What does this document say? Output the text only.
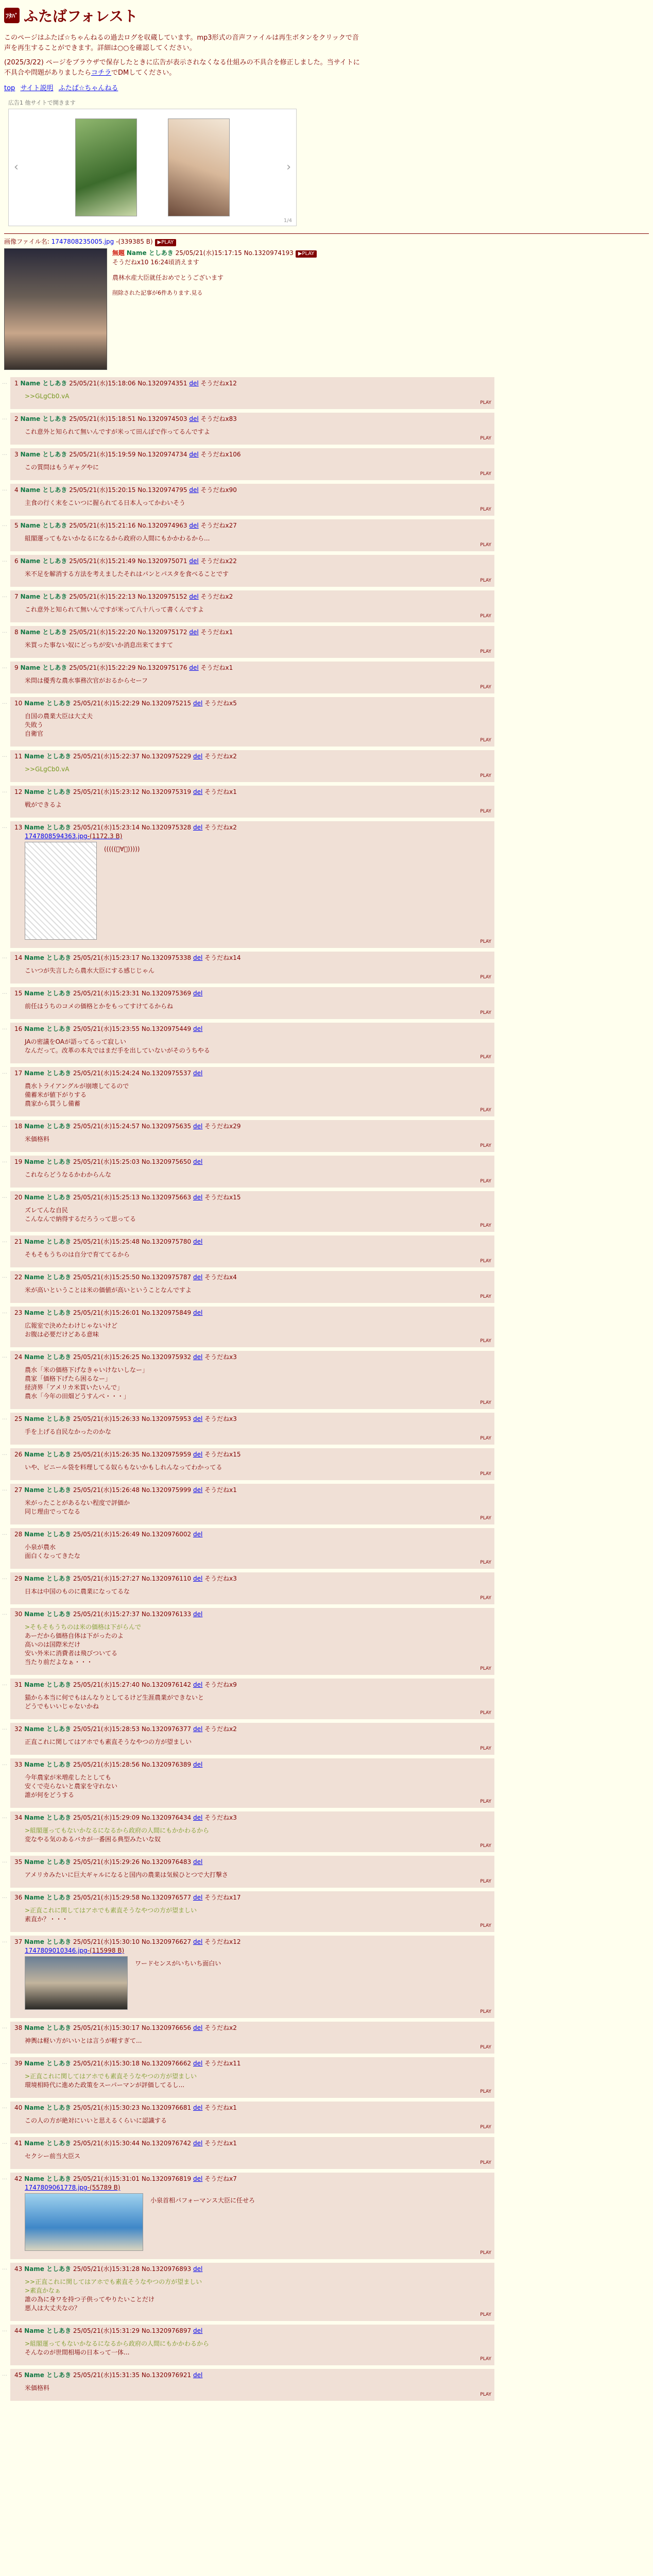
ﾌﾀﾊﾞ ふたばフォレスト
このページはふたば☆ちゃんねるの過去ログを収蔵しています。mp3形式の音声ファイルは再生ボタンをクリックで音声を再生することができます。詳細は○○を確認してください。
(2025/3/22) ページをブラウザで保存したときに広告が表示されなくなる仕組みの不具合を修正しました。当サイトに不具合や問題がありましたらコチラでDMしてください。
top サイト説明 ふたば☆ちゃんねる
広告1 他サイトで開きます
‹	›
1/4
画像ファイル名: 1747808235005.jpg -(339385 B) ▶PLAY
無題 Name としあき 25/05/21(水)15:17:15 No.1320974193 ▶PLAY
そうだねx10 16:24頃消えます
農林水産大臣就任おめでとうございます
削除された記事が6件あります.見る
… 1 Name としあき 25/05/21(水)15:18:06 No.1320974351 del そうだねx12
>>GLgCb0.vA
PLAY
… 2 Name としあき 25/05/21(水)15:18:51 No.1320974503 del そうだねx83
これ意外と知られて無いんですが米って田んぼで作ってるんですよ
PLAY
… 3 Name としあき 25/05/21(水)15:19:59 No.1320974734 del そうだねx106
この質問はもうギャグやに
PLAY
… 4 Name としあき 25/05/21(水)15:20:15 No.1320974795 del そうだねx90
主食の行く末をこいつに握られてる日本人ってかわいそう
PLAY
… 5 Name としあき 25/05/21(水)15:21:16 No.1320974963 del そうだねx27
組閣運ってもないかなるになるから政府の人間にもかかわるから...
PLAY
… 6 Name としあき 25/05/21(水)15:21:49 No.1320975071 del そうだねx22
米不足を解消する方法を考えましたそれはパンとパスタを食べることです
PLAY
… 7 Name としあき 25/05/21(水)15:22:13 No.1320975152 del そうだねx2
これ意外と知られて無いんですが米って八十八って書くんですよ
PLAY
… 8 Name としあき 25/05/21(水)15:22:20 No.1320975172 del そうだねx1
米買った事ない奴にどっちが安いか消息出来てますて
PLAY
… 9 Name としあき 25/05/21(水)15:22:29 No.1320975176 del そうだねx1
米問は優秀な農水事務次官がおるからセーフ
PLAY
… 10 Name としあき 25/05/21(水)15:22:29 No.1320975215 del そうだねx5
自国の農業大臣は大丈夫
失敗う
自衛官
PLAY
… 11 Name としあき 25/05/21(水)15:22:37 No.1320975229 del そうだねx2
>>GLgCb0.vA
PLAY
… 12 Name としあき 25/05/21(水)15:23:12 No.1320975319 del そうだねx1
戦ができるよ
PLAY
… 13 Name としあき 25/05/21(水)15:23:14 No.1320975328 del そうだねx2
1747808594363.jpg-(1172.3 B)
(((((ﾟ∀ﾟ)))))
PLAY
… 14 Name としあき 25/05/21(水)15:23:17 No.1320975338 del そうだねx14
こいつが失言したら農水大臣にする感じじゃん
PLAY
… 15 Name としあき 25/05/21(水)15:23:31 No.1320975369 del
前任はうちのコメの価格とかをもってすけてるからね
PLAY
… 16 Name としあき 25/05/21(水)15:23:55 No.1320975449 del
JAの密議をOAが語ってるって寂しい
なんだって。改革の本丸ではまだ手を出していないがそのうちやる
PLAY
… 17 Name としあき 25/05/21(水)15:24:24 No.1320975537 del
農水トライアングルが崩壊してるので
備蓄米が値下がりする
農家から買うし備蓄
PLAY
… 18 Name としあき 25/05/21(水)15:24:57 No.1320975635 del そうだねx29
米価格料
PLAY
… 19 Name としあき 25/05/21(水)15:25:03 No.1320975650 del
これならどうなるかわからんな
PLAY
… 20 Name としあき 25/05/21(水)15:25:13 No.1320975663 del そうだねx15
ズレてんな自民
こんなんで納得するだろうって思ってる
PLAY
… 21 Name としあき 25/05/21(水)15:25:48 No.1320975780 del
そもそもうちのは自分で育ててるから
PLAY
… 22 Name としあき 25/05/21(水)15:25:50 No.1320975787 del そうだねx4
米が高いということは米の価値が高いということなんですよ
PLAY
… 23 Name としあき 25/05/21(水)15:26:01 No.1320975849 del
広報室で決めたわけじゃないけど
お腹は必要だけどある意味
PLAY
… 24 Name としあき 25/05/21(水)15:26:25 No.1320975932 del そうだねx3
農水「米の価格下げなきゃいけないしなー」
農家「価格下げたら困るなー」
経済界「アメリカ米買いたいんで」
農水「今年の田畑どうすんべ・・・」
PLAY
… 25 Name としあき 25/05/21(水)15:26:33 No.1320975953 del そうだねx3
手を上げる自民なかったのかな
PLAY
… 26 Name としあき 25/05/21(水)15:26:35 No.1320975959 del そうだねx15
いや、ビニール袋を料理してる奴らもないかもしれんなってわかってる
PLAY
… 27 Name としあき 25/05/21(水)15:26:48 No.1320975999 del そうだねx1
米がったことがあるない程度で評価か
同じ理由でってなる
PLAY
… 28 Name としあき 25/05/21(水)15:26:49 No.1320976002 del
小泉が農水
面白くなってきたな
PLAY
… 29 Name としあき 25/05/21(水)15:27:27 No.1320976110 del そうだねx3
日本は中国のものに農業になってるな
PLAY
… 30 Name としあき 25/05/21(水)15:27:37 No.1320976133 del
>そもそもうちのは米の価格は下がらんで
あーだから価格自体は下がったのよ
高いのは国際米だけ
安い外米に消費者は飛びついてる
当たり前だよなぁ・・・
PLAY
… 31 Name としあき 25/05/21(水)15:27:40 No.1320976142 del そうだねx9
猫から本当に何でもはんなりとしてるけど生涯農業ができないと
どうでもいいじゃないかね
PLAY
… 32 Name としあき 25/05/21(水)15:28:53 No.1320976377 del そうだねx2
正直これに関してはアホでも素直そうなやつの方が望ましい
PLAY
… 33 Name としあき 25/05/21(水)15:28:56 No.1320976389 del
今年農家が米増産したとしても
安くで売らないと農家を守れない
誰が何をどうする
PLAY
… 34 Name としあき 25/05/21(水)15:29:09 No.1320976434 del そうだねx3
>組閣運ってもないかなるになるから政府の人間にもかかわるから
変なやる気のあるバカが一番困る典型みたいな奴
PLAY
… 35 Name としあき 25/05/21(水)15:29:26 No.1320976483 del
アメリカみたいに巨大ギャルになると国内の農業は気候ひとつで大打撃さ
PLAY
… 36 Name としあき 25/05/21(水)15:29:58 No.1320976577 del そうだねx17
>正直これに関してはアホでも素直そうなやつの方が望ましい
素直か？・・・
PLAY
… 37 Name としあき 25/05/21(水)15:30:10 No.1320976627 del そうだねx12
1747809010346.jpg-(115998 B)
ワードセンスがいちいち面白い
PLAY
… 38 Name としあき 25/05/21(水)15:30:17 No.1320976656 del そうだねx2
神輿は軽い方がいいとは言うが軽すぎて...
PLAY
… 39 Name としあき 25/05/21(水)15:30:18 No.1320976662 del そうだねx11
>正直これに関してはアホでも素直そうなやつの方が望ましい
環境相時代に進めた政策をスーパーマンが評価してるし...
PLAY
… 40 Name としあき 25/05/21(水)15:30:23 No.1320976681 del そうだねx1
この人の方が絶対にいいと思えるくらいに認識する
PLAY
… 41 Name としあき 25/05/21(水)15:30:44 No.1320976742 del そうだねx1
セクシー前当大臣ス
PLAY
… 42 Name としあき 25/05/21(水)15:31:01 No.1320976819 del そうだねx7
1747809061778.jpg-(55789 B)
小泉首相パフォーマンス大臣に任せろ
PLAY
… 43 Name としあき 25/05/21(水)15:31:28 No.1320976893 del
>>正直これに関してはアホでも素直そうなやつの方が望ましい
>素直かなぁ
誰の為に身ワを持つ子供ってやりたいことだけ
悪人は大丈夫なの？
PLAY
… 44 Name としあき 25/05/21(水)15:31:29 No.1320976897 del
>組閣運ってもないかなるになるから政府の人間にもかかわるから
そんなのが世間相場の日本って一体...
PLAY
… 45 Name としあき 25/05/21(水)15:31:35 No.1320976921 del
米価格料
PLAY
